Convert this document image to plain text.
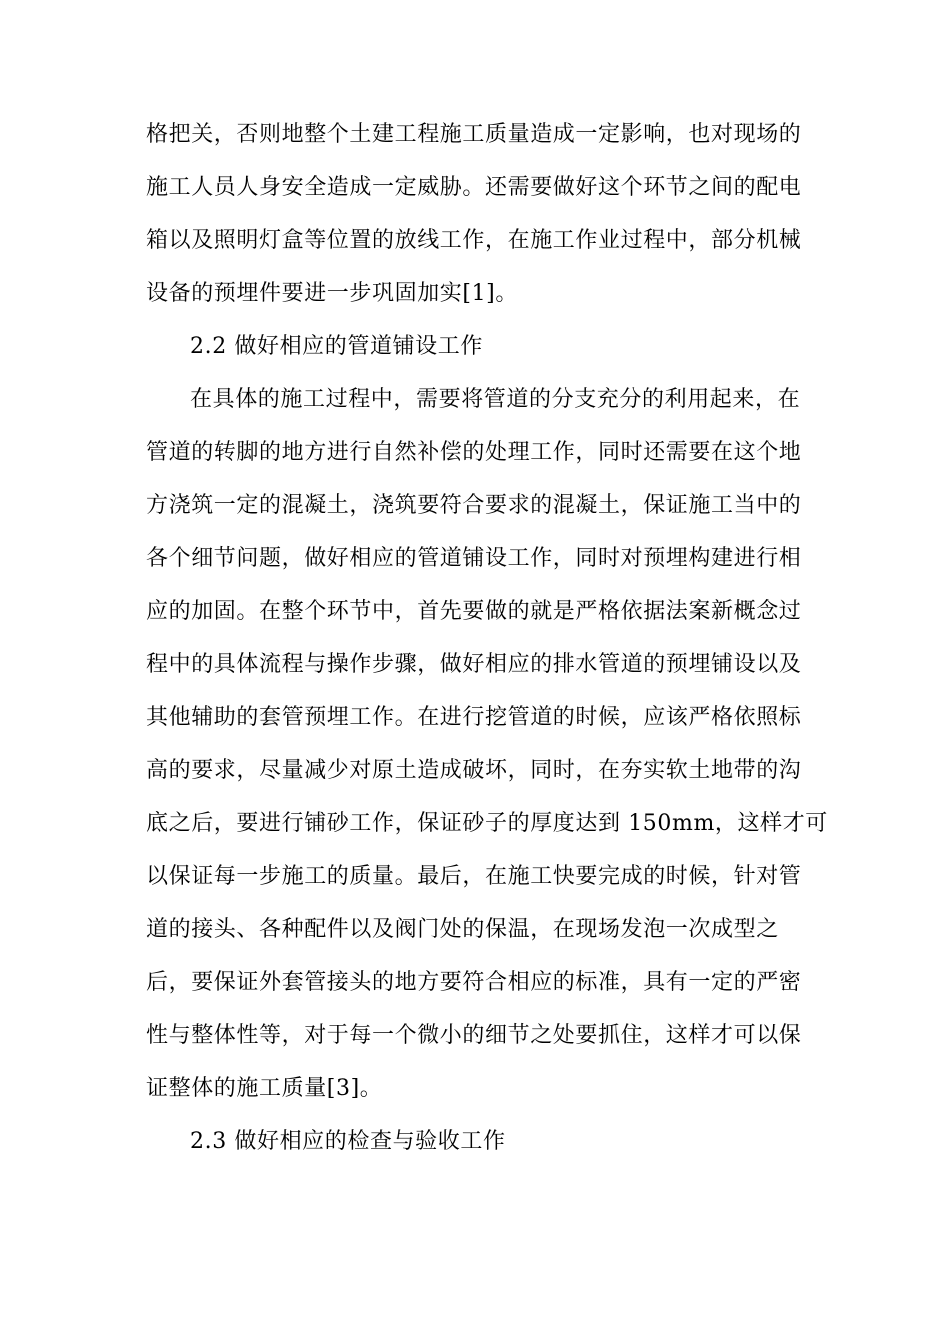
格把关，否则地整个土建工程施工质量造成一定影响，也对现场的
施工人员人身安全造成一定威胁。还需要做好这个环节之间的配电
箱以及照明灯盒等位置的放线工作，在施工作业过程中，部分机械
设备的预埋件要进一步巩固加实[1]。
2.2 做好相应的管道铺设工作
在具体的施工过程中，需要将管道的分支充分的利用起来，在
管道的转脚的地方进行自然补偿的处理工作，同时还需要在这个地
方浇筑一定的混凝土，浇筑要符合要求的混凝土，保证施工当中的
各个细节问题，做好相应的管道铺设工作，同时对预埋构建进行相
应的加固。在整个环节中，首先要做的就是严格依据法案新概念过
程中的具体流程与操作步骤，做好相应的排水管道的预埋铺设以及
其他辅助的套管预埋工作。在进行挖管道的时候，应该严格依照标
高的要求，尽量减少对原土造成破坏，同时，在夯实软土地带的沟
底之后，要进行铺砂工作，保证砂子的厚度达到 150mm，这样才可
以保证每一步施工的质量。最后，在施工快要完成的时候，针对管
道的接头、各种配件以及阀门处的保温，在现场发泡一次成型之
后，要保证外套管接头的地方要符合相应的标准，具有一定的严密
性与整体性等，对于每一个微小的细节之处要抓住，这样才可以保
证整体的施工质量[3]。
2.3 做好相应的检查与验收工作
